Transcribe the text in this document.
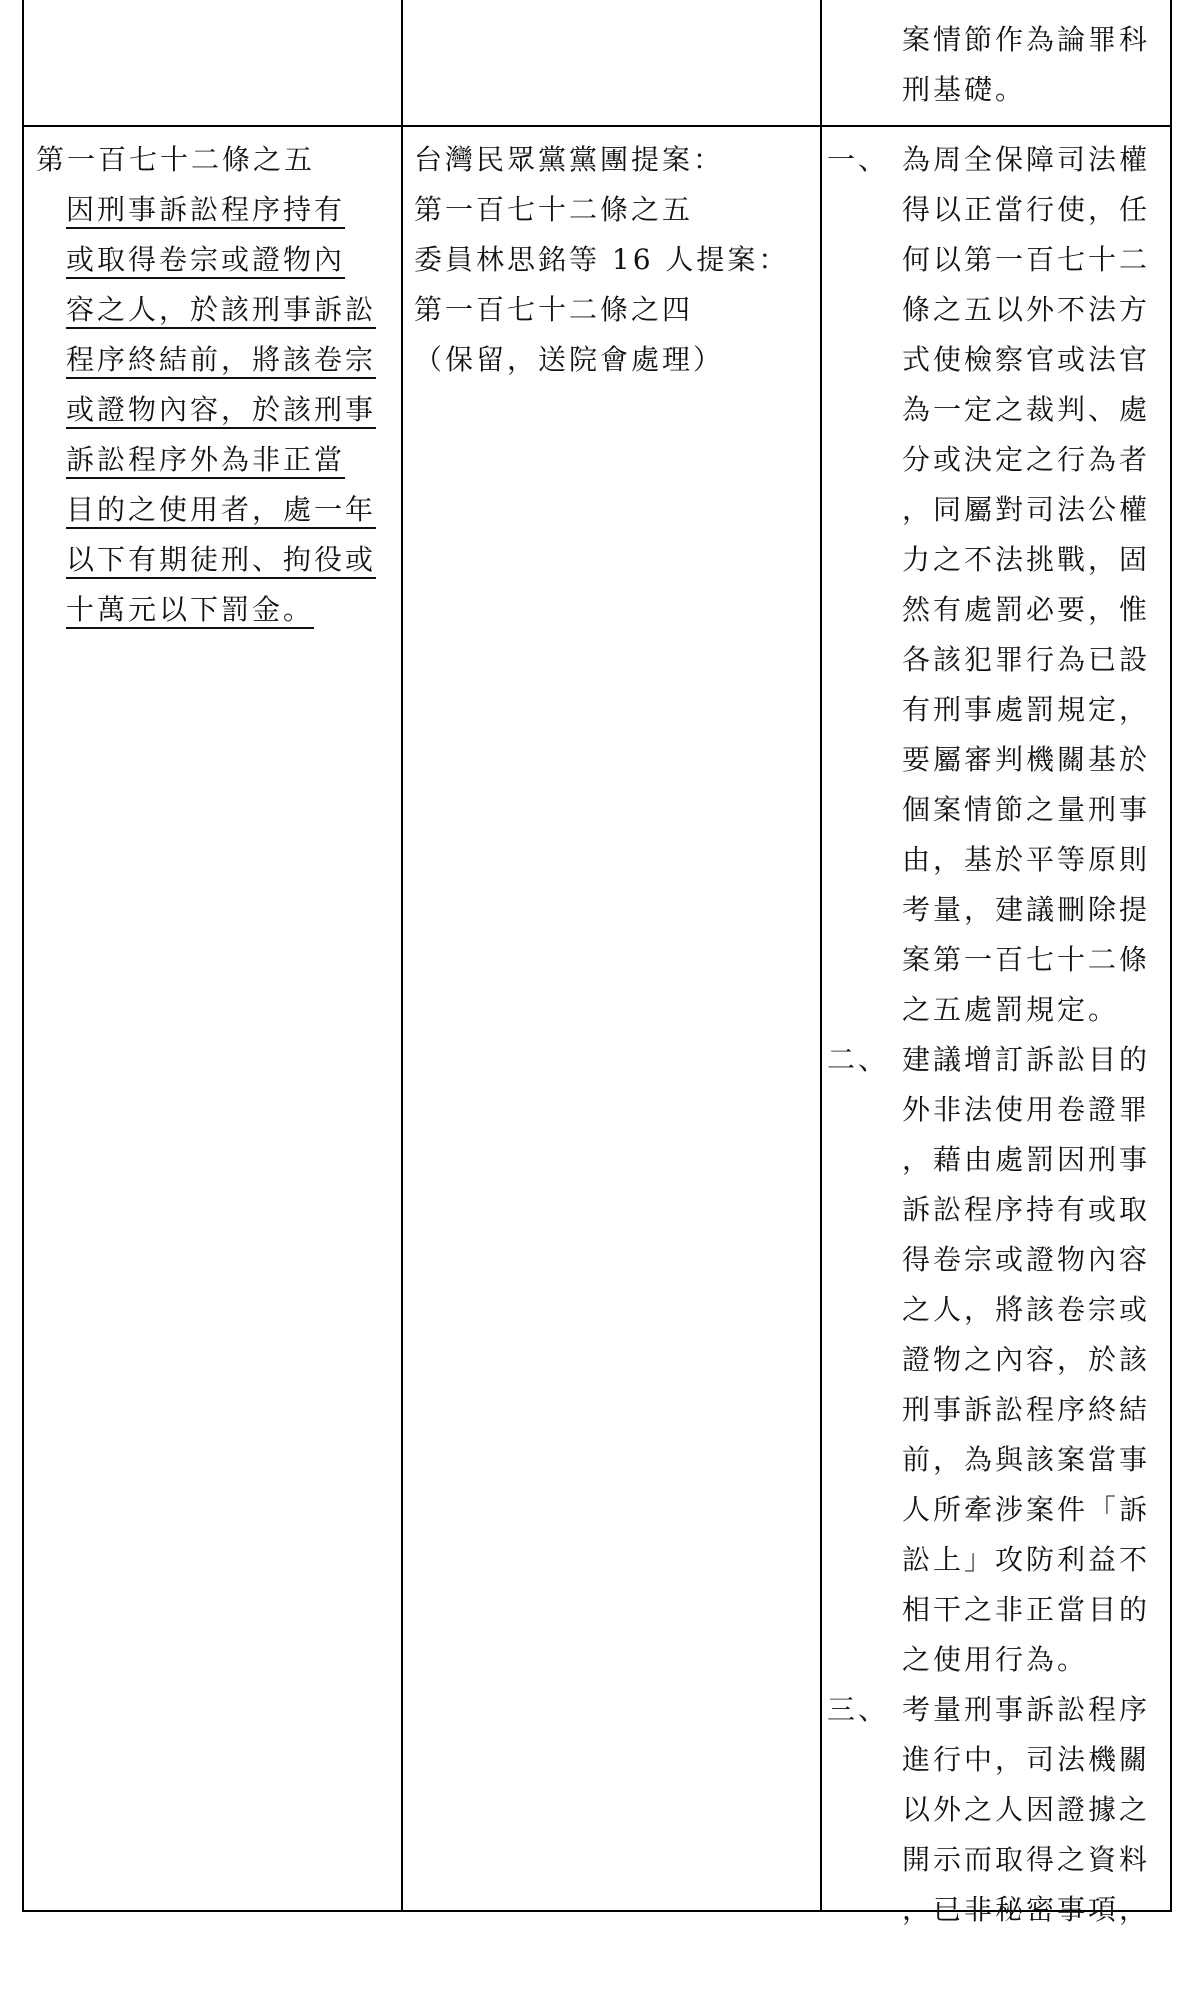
案情節作為論罪科
刑基礎。
第一百七十二條之五
因刑事訴訟程序持有
或取得卷宗或證物內
容之人，於該刑事訴訟
程序終結前，將該卷宗
或證物內容，於該刑事
訴訟程序外為非正當
目的之使用者，處一年
以下有期徒刑、拘役或
十萬元以下罰金。
台灣民眾黨黨團提案：
第一百七十二條之五
委員林思銘等 16 人提案：
第一百七十二條之四
（保留，送院會處理）
一、 為周全保障司法權
得以正當行使，任
何以第一百七十二
條之五以外不法方
式使檢察官或法官
為一定之裁判、處
分或決定之行為者
，同屬對司法公權
力之不法挑戰，固
然有處罰必要，惟
各該犯罪行為已設
有刑事處罰規定，
要屬審判機關基於
個案情節之量刑事
由，基於平等原則
考量，建議刪除提
案第一百七十二條
之五處罰規定。
二、 建議增訂訴訟目的
外非法使用卷證罪
，藉由處罰因刑事
訴訟程序持有或取
得卷宗或證物內容
之人，將該卷宗或
證物之內容，於該
刑事訴訟程序終結
前，為與該案當事
人所牽涉案件「訴
訟上」攻防利益不
相干之非正當目的
之使用行為。
三、 考量刑事訴訟程序
進行中，司法機關
以外之人因證據之
開示而取得之資料
，已非秘密事項，
